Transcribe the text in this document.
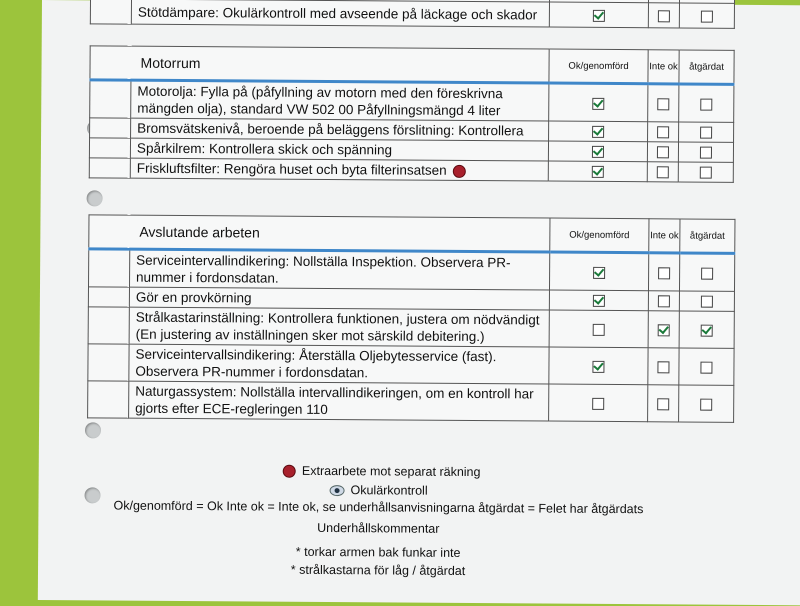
	Stötdämpare: Okulärkontroll med avseende på läckage och skador			
Motorrum		Ok/genomförd	Inte ok	åtgärdat
	Motorolja: Fylla på (påfyllning av motorn med den föreskrivna mängden olja), standard VW 502 00 Påfyllningsmängd 4 liter			
	Bromsvätskenivå, beroende på beläggens förslitning: Kontrollera			
	Spårkilrem: Kontrollera skick och spänning			
	Friskluftsfilter: Rengöra huset och byta filterinsatsen			
Avslutande arbeten		Ok/genomförd	Inte ok	åtgärdat
	Serviceintervallindikering: Nollställa Inspektion. Observera PR-nummer i fordonsdatan.			
	Gör en provkörning			
	Strålkastarinställning: Kontrollera funktionen, justera om nödvändigt (En justering av inställningen sker mot särskild debitering.)			
	Serviceintervallsindikering: Återställa Oljebytesservice (fast). Observera PR-nummer i fordonsdatan.			
	Naturgassystem: Nollställa intervallindikeringen, om en kontroll har gjorts efter ECE-regleringen 110			
Extraarbete mot separat räkning
Okulärkontroll
Ok/genomförd = Ok Inte ok = Inte ok, se underhållsanvisningarna åtgärdat = Felet har åtgärdats
Underhållskommentar
* torkar armen bak funkar inte
* strålkastarna för låg / åtgärdat
